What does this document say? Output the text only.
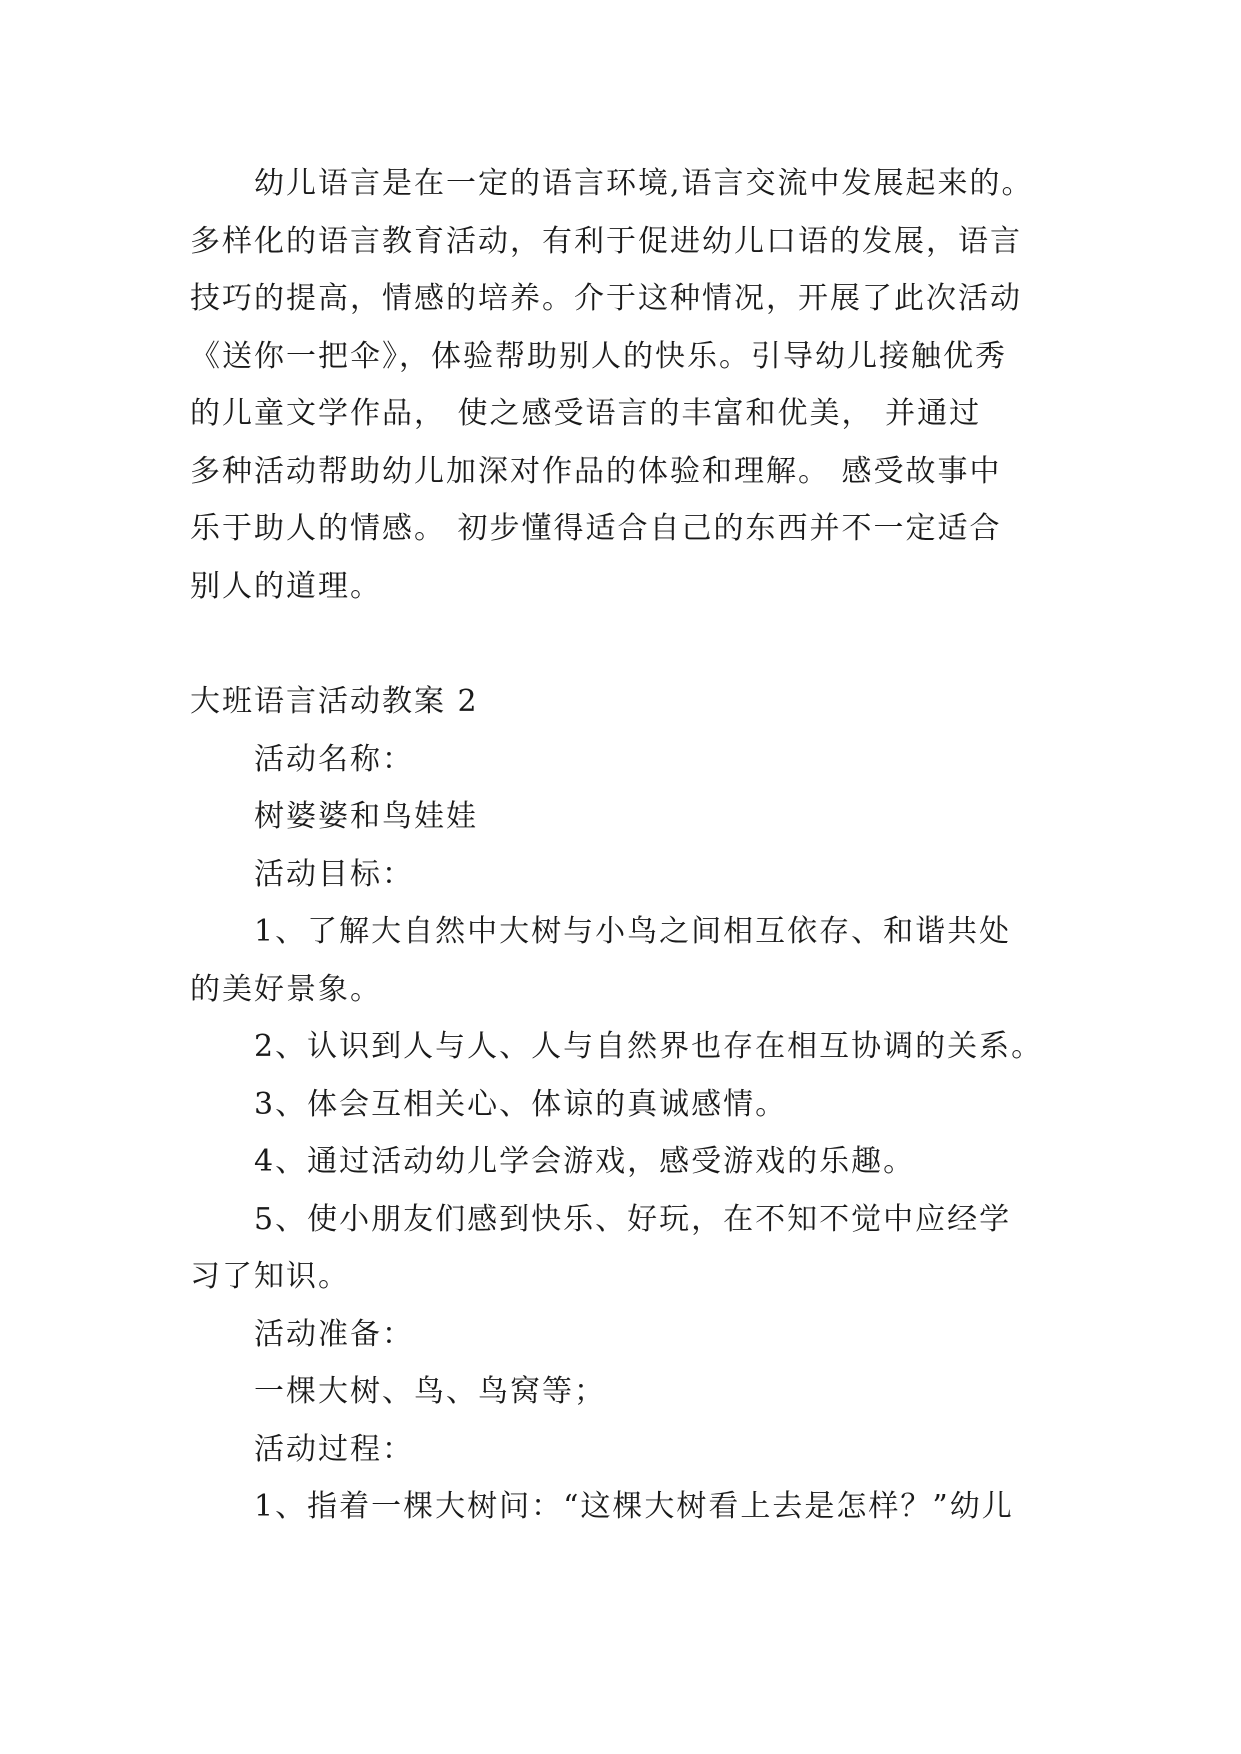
幼儿语言是在一定的语言环境,语言交流中发展起来的。
多样化的语言教育活动，有利于促进幼儿口语的发展，语言
技巧的提高，情感的培养。介于这种情况，开展了此次活动
《送你一把伞》，体验帮助别人的快乐。引导幼儿接触优秀
的儿童文学作品， 使之感受语言的丰富和优美， 并通过
多种活动帮助幼儿加深对作品的体验和理解。 感受故事中
乐于助人的情感。 初步懂得适合自己的东西并不一定适合
别人的道理。
大班语言活动教案 2
活动名称：
树婆婆和鸟娃娃
活动目标：
1、了解大自然中大树与小鸟之间相互依存、和谐共处
的美好景象。
2、认识到人与人、人与自然界也存在相互协调的关系。
3、体会互相关心、体谅的真诚感情。
4、通过活动幼儿学会游戏，感受游戏的乐趣。
5、使小朋友们感到快乐、好玩，在不知不觉中应经学
习了知识。
活动准备：
一棵大树、鸟、鸟窝等；
活动过程：
1、指着一棵大树问：“这棵大树看上去是怎样？”幼儿
